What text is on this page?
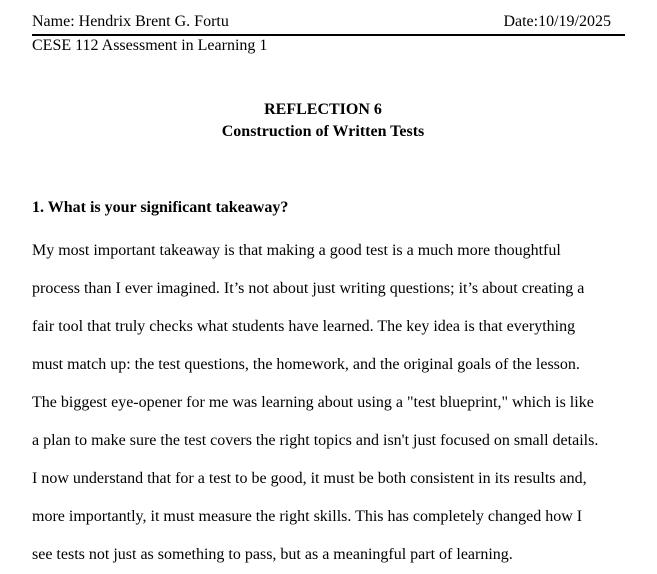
Name: Hendrix Brent G. Fortu	Date:10/19/2025
CESE 112 Assessment in Learning 1

REFLECTION 6

Construction of Written Tests

1. What is your significant takeaway?

My most important takeaway is that making a good test is a much more thoughtful
process than I ever imagined. It’s not about just writing questions; it’s about creating a
fair tool that truly checks what students have learned. The key idea is that everything
must match up: the test questions, the homework, and the original goals of the lesson.
The biggest eye-opener for me was learning about using a "test blueprint," which is like
a plan to make sure the test covers the right topics and isn't just focused on small details.
I now understand that for a test to be good, it must be both consistent in its results and,
more importantly, it must measure the right skills. This has completely changed how I
see tests not just as something to pass, but as a meaningful part of learning.
